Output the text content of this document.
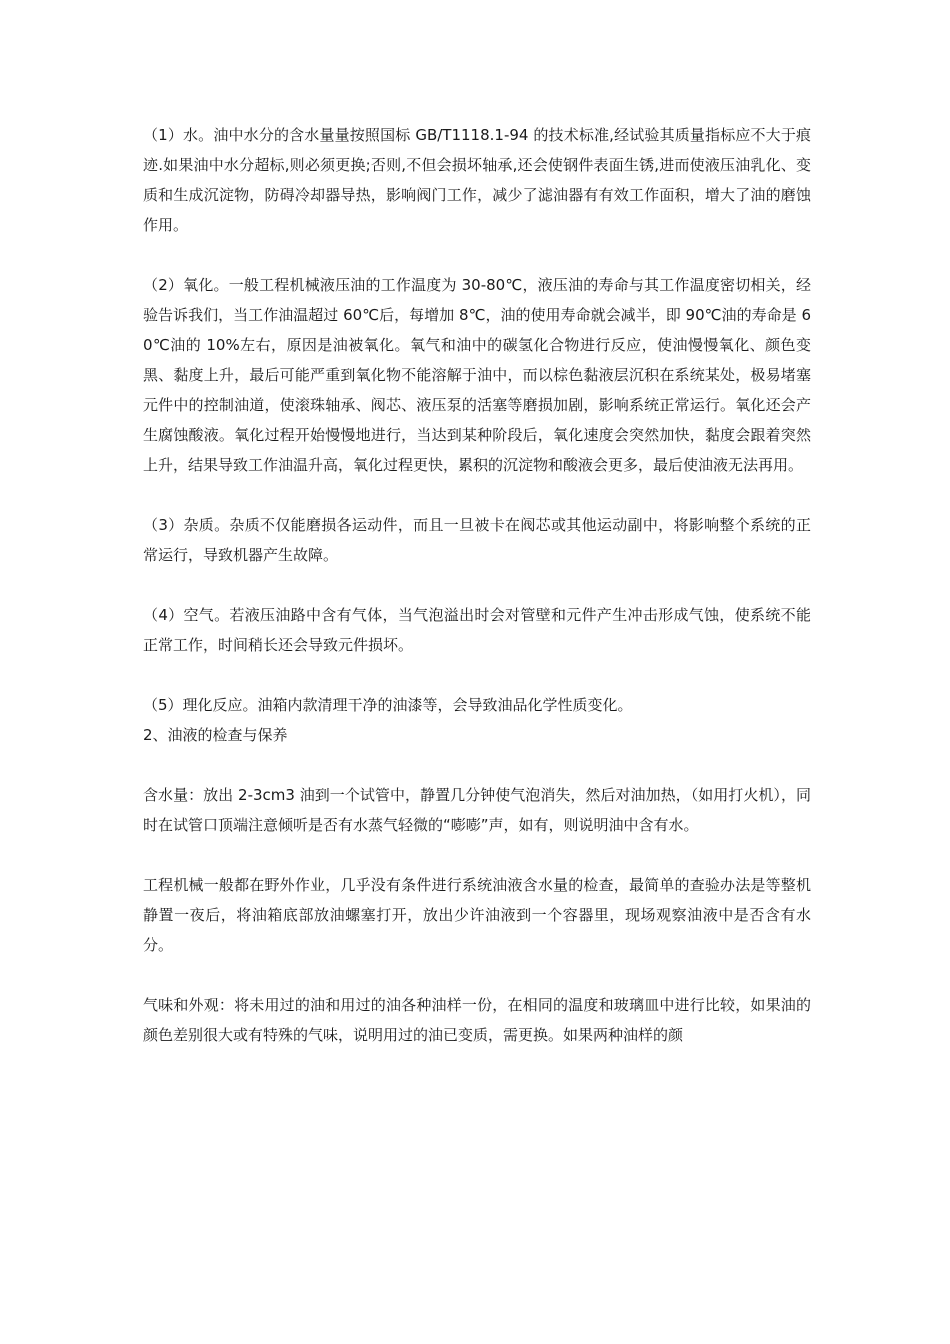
（1）水。油中水分的含水量量按照国标 GB/T1118.1-94 的技术标准,经试验其质量指标应不大于痕迹.如果油中水分超标,则必须更换;否则,不但会损坏轴承,还会使钢件表面生锈,进而使液压油乳化、变质和生成沉淀物，防碍冷却器导热，影响阀门工作，减少了滤油器有有效工作面积，增大了油的磨蚀作用。

（2）氧化。一般工程机械液压油的工作温度为 30-80℃，液压油的寿命与其工作温度密切相关，经验告诉我们，当工作油温超过 60℃后，每增加 8℃，油的使用寿命就会减半，即 90℃油的寿命是 60℃油的 10%左右，原因是油被氧化。氧气和油中的碳氢化合物进行反应，使油慢慢氧化、颜色变黑、黏度上升，最后可能严重到氧化物不能溶解于油中，而以棕色黏液层沉积在系统某处，极易堵塞元件中的控制油道，使滚珠轴承、阀芯、液压泵的活塞等磨损加剧，影响系统正常运行。氧化还会产生腐蚀酸液。氧化过程开始慢慢地进行，当达到某种阶段后，氧化速度会突然加快，黏度会跟着突然上升，结果导致工作油温升高，氧化过程更快，累积的沉淀物和酸液会更多，最后使油液无法再用。

（3）杂质。杂质不仅能磨损各运动件，而且一旦被卡在阀芯或其他运动副中，将影响整个系统的正常运行，导致机器产生故障。

（4）空气。若液压油路中含有气体，当气泡溢出时会对管壁和元件产生冲击形成气蚀，使系统不能正常工作，时间稍长还会导致元件损坏。

（5）理化反应。油箱内款清理干净的油漆等，会导致油品化学性质变化。

2、油液的检查与保养

含水量：放出 2-3cm3 油到一个试管中，静置几分钟使气泡消失，然后对油加热，（如用打火机），同时在试管口顶端注意倾听是否有水蒸气轻微的“嘭嘭”声，如有，则说明油中含有水。

工程机械一般都在野外作业，几乎没有条件进行系统油液含水量的检查，最简单的查验办法是等整机静置一夜后，将油箱底部放油螺塞打开，放出少许油液到一个容器里，现场观察油液中是否含有水分。

气味和外观：将未用过的油和用过的油各种油样一份，在相同的温度和玻璃皿中进行比较，如果油的颜色差别很大或有特殊的气味，说明用过的油已变质，需更换。如果两种油样的颜
